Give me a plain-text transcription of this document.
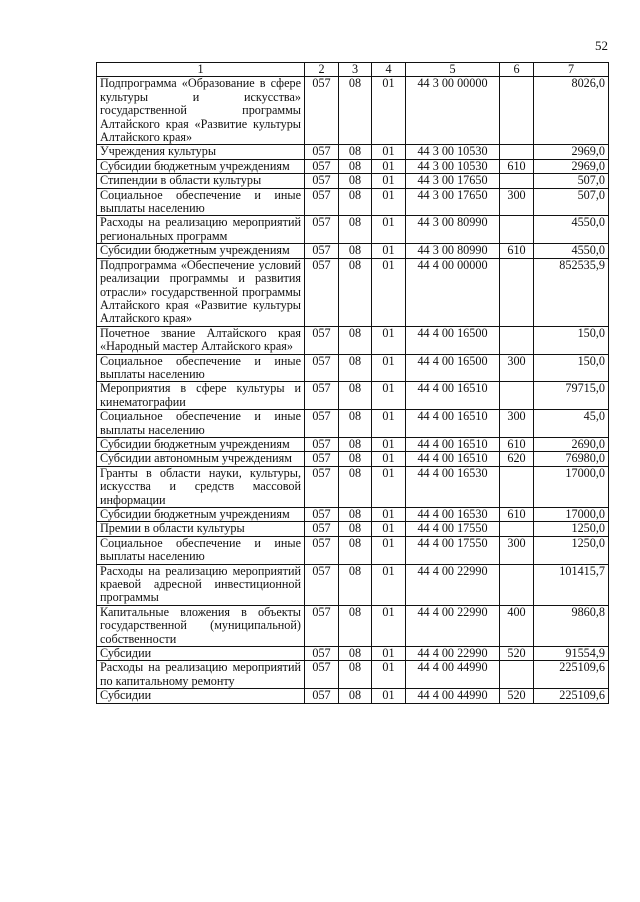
52
1	2	3	4	5	6	7
Подпрограмма «Образование в сфере культуры и искусства» государственной программы Алтайского края «Развитие культуры Алтайского края»	057	08	01	44 3 00 00000		8026,0
Учреждения культуры	057	08	01	44 3 00 10530		2969,0
Субсидии бюджетным учреждениям	057	08	01	44 3 00 10530	610	2969,0
Стипендии в области культуры	057	08	01	44 3 00 17650		507,0
Социальное обеспечение и иные выплаты населению	057	08	01	44 3 00 17650	300	507,0
Расходы на реализацию мероприятий региональных программ	057	08	01	44 3 00 80990		4550,0
Субсидии бюджетным учреждениям	057	08	01	44 3 00 80990	610	4550,0
Подпрограмма «Обеспечение условий реализации программы и развития отрасли» государственной программы Алтайского края «Развитие культуры Алтайского края»	057	08	01	44 4 00 00000		852535,9
Почетное звание Алтайского края «Народный мастер Алтайского края»	057	08	01	44 4 00 16500		150,0
Социальное обеспечение и иные выплаты населению	057	08	01	44 4 00 16500	300	150,0
Мероприятия в сфере культуры и кинематографии	057	08	01	44 4 00 16510		79715,0
Социальное обеспечение и иные выплаты населению	057	08	01	44 4 00 16510	300	45,0
Субсидии бюджетным учреждениям	057	08	01	44 4 00 16510	610	2690,0
Субсидии автономным учреждениям	057	08	01	44 4 00 16510	620	76980,0
Гранты в области науки, культуры, искусства и средств массовой информации	057	08	01	44 4 00 16530		17000,0
Субсидии бюджетным учреждениям	057	08	01	44 4 00 16530	610	17000,0
Премии в области культуры	057	08	01	44 4 00 17550		1250,0
Социальное обеспечение и иные выплаты населению	057	08	01	44 4 00 17550	300	1250,0
Расходы на реализацию мероприятий краевой адресной инвестиционной программы	057	08	01	44 4 00 22990		101415,7
Капитальные вложения в объекты государственной (муниципальной) собственности	057	08	01	44 4 00 22990	400	9860,8
Субсидии	057	08	01	44 4 00 22990	520	91554,9
Расходы на реализацию мероприятий по капитальному ремонту	057	08	01	44 4 00 44990		225109,6
Субсидии	057	08	01	44 4 00 44990	520	225109,6
